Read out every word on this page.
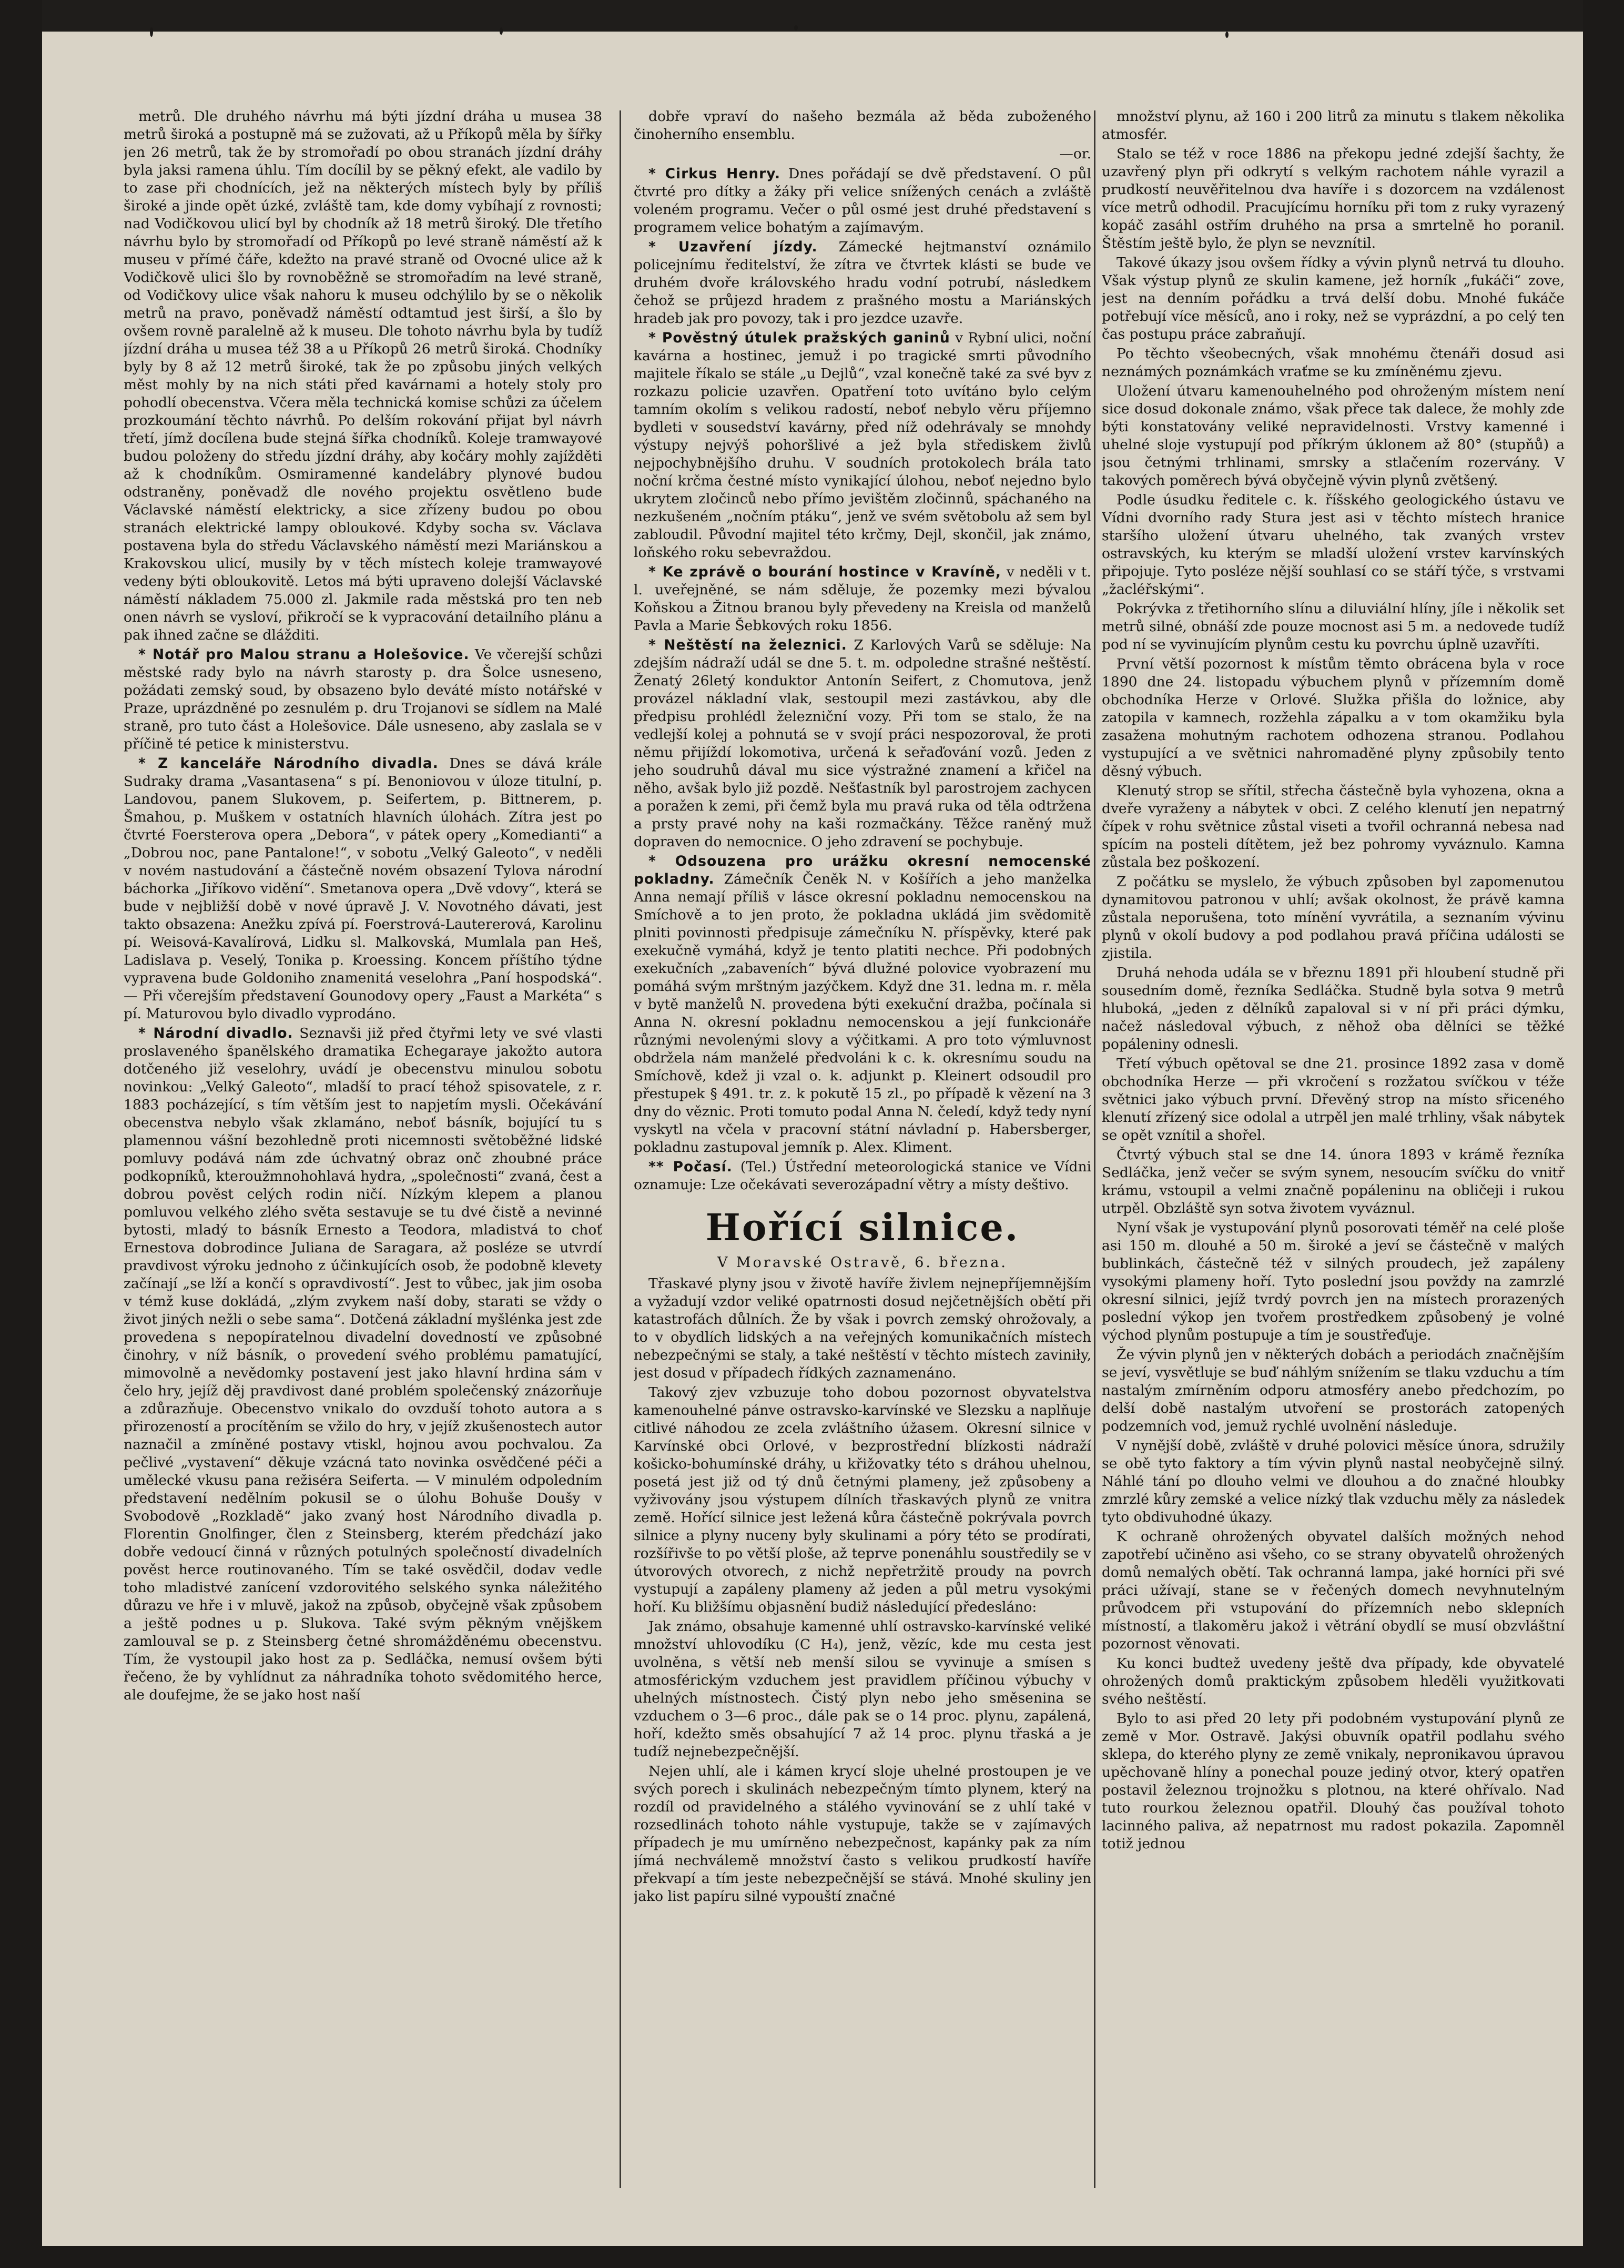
metrů. Dle druhého návrhu má býti jízdní dráha u musea 38 metrů široká a postupně má se zužovati, až u Příkopů měla by šířky jen 26 metrů, tak že by stromořadí po obou stranách jízdní dráhy byla jaksi ramena úhlu. Tím docílil by se pěkný efekt, ale vadilo by to zase při chodnících, jež na některých místech byly by příliš široké a jinde opět úzké, zvláště tam, kde domy vybíhají z rovnosti; nad Vodičkovou ulicí byl by chodník až 18 metrů široký. Dle třetího návrhu bylo by stromořadí od Příkopů po levé straně náměstí až k museu v přímé čáře, kdežto na pravé straně od Ovocné ulice až k Vodičkově ulici šlo by rovnoběžně se stromořadím na levé straně, od Vodičkovy ulice však nahoru k museu odchýlilo by se o několik metrů na pravo, poněvadž náměstí odtamtud jest širší, a šlo by ovšem rovně paralelně až k museu. Dle tohoto návrhu byla by tudíž jízdní dráha u musea též 38 a u Příkopů 26 metrů široká. Chodníky byly by 8 až 12 metrů široké, tak že po způsobu jiných velkých měst mohly by na nich státi před kavárnami a hotely stoly pro pohodlí obecenstva. Včera měla technická komise schůzi za účelem prozkoumání těchto návrhů. Po delším rokování přijat byl návrh třetí, jímž docílena bude stejná šířka chodníků. Koleje tramwayové budou položeny do středu jízdní dráhy, aby kočáry mohly zajížděti až k chodníkům. Osmiramenné kandelábry plynové budou odstraněny, poněvadž dle nového projektu osvětleno bude Václavské náměstí elektricky, a sice zřízeny budou po obou stranách elektrické lampy obloukové. Kdyby socha sv. Václava postavena byla do středu Václavského náměstí mezi Mariánskou a Krakovskou ulicí, musily by v těch místech koleje tramwayové vedeny býti obloukovitě. Letos má býti upraveno dolejší Václavské náměstí nákladem 75.000 zl. Jakmile rada městská pro ten neb onen návrh se vysloví, přikročí se k vypracování detailního plánu a pak ihned začne se dlážditi.

* Notář pro Malou stranu a Holešovice. Ve včerejší schůzi městské rady bylo na návrh starosty p. dra Šolce usneseno, požádati zemský soud, by obsazeno bylo deváté místo notářské v Praze, uprázdněné po zesnulém p. dru Trojanovi se sídlem na Malé straně, pro tuto část a Holešovice. Dále usneseno, aby zaslala se v příčině té petice k ministerstvu.

* Z kanceláře Národního divadla. Dnes se dává krále Sudraky drama „Vasantasena“ s pí. Benoniovou v úloze titulní, p. Landovou, panem Slukovem, p. Seifertem, p. Bittnerem, p. Šmahou, p. Muškem v ostatních hlavních úlohách. Zítra jest po čtvrté Foersterova opera „Debora“, v pátek opery „Komedianti“ a „Dobrou noc, pane Pantalone!“, v sobotu „Velký Galeoto“, v neděli v novém nastudování a částečně novém obsazení Tylova národní báchorka „Jiříkovo vidění“. Smetanova opera „Dvě vdovy“, která se bude v nejbližší době v nové úpravě J. V. Novotného dávati, jest takto obsazena: Anežku zpívá pí. Foerstrová-Lautererová, Karolinu pí. Weisová-Kavalírová, Lidku sl. Malkovská, Mumlala pan Heš, Ladislava p. Veselý, Tonika p. Kroessing. Koncem příštího týdne vypravena bude Goldoniho znamenitá veselohra „Paní hospodská“. — Při včerejším představení Gounodovy opery „Faust a Markéta“ s pí. Maturovou bylo divadlo vyprodáno.

* Národní divadlo. Seznavši již před čtyřmi lety ve své vlasti proslaveného španělského dramatika Echegaraye jakožto autora dotčeného již veselohry, uvádí je obecenstvu minulou sobotu novinkou: „Velký Galeoto“, mladší to prací téhož spisovatele, z r. 1883 pocházející, s tím větším jest to napjetím mysli. Očekávání obecenstva nebylo však zklamáno, neboť básník, bojující tu s plamennou vášní bezohledně proti nicemnosti světoběžné lidské pomluvy podává nám zde úchvatný obraz onč zhoubné práce podkopníků, kteroužmnohohlavá hydra, „společnosti“ zvaná, čest a dobrou pověst celých rodin ničí. Nízkým klepem a planou pomluvou velkého zlého světa sestavuje se tu dvé čistě a nevinné bytosti, mladý to básník Ernesto a Teodora, mladistvá to choť Ernestova dobrodince Juliana de Saragara, až posléze se utvrdí pravdivost výroku jednoho z účinkujících osob, že podobně klevety začínají „se lží a končí s opravdivostí“. Jest to vůbec, jak jim osoba v témž kuse dokládá, „zlým zvykem naší doby, starati se vždy o život jiných nežli o sebe sama“. Dotčená základní myšlénka jest zde provedena s nepopíratelnou divadelní dovedností ve způsobné činohry, v níž básník, o provedení svého problému pamatující, mimovolně a nevědomky postavení jest jako hlavní hrdina sám v čelo hry, jejíž děj pravdivost dané problém společenský znázorňuje a zdůrazňuje. Obecenstvo vnikalo do ovzduší tohoto autora a s přirozeností a procítěním se vžilo do hry, v jejíž zkušenostech autor naznačil a zmíněné postavy vtiskl, hojnou avou pochvalou. Za pečlivé „vystavení“ děkuje vzácná tato novinka osvědčené péči a umělecké vkusu pana režiséra Seiferta. — V minulém odpoledním představení nedělním pokusil se o úlohu Bohuše Doušy v Svobodově „Rozkladě“ jako zvaný host Národního divadla p. Florentin Gnolfinger, člen z Steinsberg, kterém předchází jako dobře vedoucí činná v různých potulných společností divadelních pověst herce routinovaného. Tím se také osvědčil, dodav vedle toho mladistvé zanícení vzdorovitého selského synka náležitého důrazu ve hře i v mluvě, jakož na způsob, obyčejně však způsobem a ještě podnes u p. Slukova. Také svým pěkným vnějškem zamlouval se p. z Steinsberg četné shromážděnému obecenstvu. Tím, že vystoupil jako host za p. Sedláčka, nemusí ovšem býti řečeno, že by vyhlídnut za náhradníka tohoto svědomitého herce, ale doufejme, že se jako host naší

dobře vpraví do našeho bezmála až běda zuboženého činoherního ensemblu.

—or.

* Cirkus Henry. Dnes pořádají se dvě představení. O půl čtvrté pro dítky a žáky při velice snížených cenách a zvláště voleném programu. Večer o půl osmé jest druhé představení s programem velice bohatým a zajímavým.

* Uzavření jízdy. Zámecké hejtmanství oznámilo policejnímu ředitelství, že zítra ve čtvrtek klásti se bude ve druhém dvoře královského hradu vodní potrubí, následkem čehož se průjezd hradem z prašného mostu a Mariánských hradeb jak pro povozy, tak i pro jezdce uzavře.

* Pověstný útulek pražských ganinů v Rybní ulici, noční kavárna a hostinec, jemuž i po tragické smrti původního majitele říkalo se stále „u Dejlů“, vzal konečně také za své byv z rozkazu policie uzavřen. Opatření toto uvítáno bylo celým tamním okolím s velikou radostí, neboť nebylo věru příjemno bydleti v sousedství kavárny, před níž odehrávaly se mnohdy výstupy nejvýš pohoršlivé a jež byla střediskem živlů nejpochybnějšího druhu. V soudních protokolech brála tato noční krčma čestné místo vynikající úlohou, neboť nejedno bylo ukrytem zločinců nebo přímo jevištěm zločinnů, spáchaného na nezkušeném „nočním ptáku“, jenž ve svém světobolu až sem byl zabloudil. Původní majitel této krčmy, Dejl, skončil, jak známo, loňského roku sebevraždou.

* Ke zprávě o bourání hostince v Kravíně, v neděli v t. l. uveřejněné, se nám sděluje, že pozemky mezi bývalou Koňskou a Žitnou branou byly převedeny na Kreisla od manželů Pavla a Marie Šebkových roku 1856.

* Neštěstí na železnici. Z Karlových Varů se sděluje: Na zdejším nádraží udál se dne 5. t. m. odpoledne strašné neštěstí. Ženatý 26letý konduktor Antonín Seifert, z Chomutova, jenž provázel nákladní vlak, sestoupil mezi zastávkou, aby dle předpisu prohlédl železniční vozy. Při tom se stalo, že na vedlejší kolej a pohnutá se v svojí práci nespozoroval, že proti němu přijíždí lokomotiva, určená k seřaďování vozů. Jeden z jeho soudruhů dával mu sice výstražné znamení a křičel na něho, avšak bylo již pozdě. Nešťastník byl parostrojem zachycen a poražen k zemi, při čemž byla mu pravá ruka od těla odtržena a prsty pravé nohy na kaši rozmačkány. Těžce raněný muž dopraven do nemocnice. O jeho zdravení se pochybuje.

* Odsouzena pro urážku okresní nemocenské pokladny. Zámečník Čeněk N. v Košířích a jeho manželka Anna nemají příliš v lásce okresní pokladnu nemocenskou na Smíchově a to jen proto, že pokladna ukládá jim svědomitě plniti povinnosti předpisuje zámečníku N. příspěvky, které pak exekučně vymáhá, když je tento platiti nechce. Při podobných exekučních „zabaveních“ bývá dlužné polovice vyobrazení mu pomáhá svým mrštným jazýčkem. Když dne 31. ledna m. r. měla v bytě manželů N. provedena býti exekuční dražba, počínala si Anna N. okresní pokladnu nemocenskou a její funkcionáře různými nevolenými slovy a výčitkami. A pro toto výmluvnost obdržela nám manželé předvoláni k c. k. okresnímu soudu na Smíchově, kdež ji vzal o. k. adjunkt p. Kleinert odsoudil pro přestupek § 491. tr. z. k pokutě 15 zl., po případě k vězení na 3 dny do věznic. Proti tomuto podal Anna N. čeledí, když tedy nyní vyskytl na včela v pracovní státní návladní p. Habersberger, pokladnu zastupoval jemník p. Alex. Kliment.

** Počasí. (Tel.) Ústřední meteorologická stanice ve Vídni oznamuje: Lze očekávati severozápadní větry a místy deštivo.

Hořící silnice.
V Moravské Ostravě, 6. března.

Třaskavé plyny jsou v životě havíře živlem nejnepříjemnějším a vyžadují vzdor veliké opatrnosti dosud nejčetnějších obětí při katastrofách důlních. Že by však i povrch zemský ohrožovaly, a to v obydlích lidských a na veřejných komunikačních místech nebezpečnými se staly, a také neštěstí v těchto místech zaviniły, jest dosud v případech řídkých zaznamenáno.

Takový zjev vzbuzuje toho dobou pozornost obyvatelstva kamenouhelné pánve ostravsko-karvínské ve Slezsku a naplňuje citlivé náhodou ze zcela zvláštního úžasem. Okresní silnice v Karvínské obci Orlové, v bezprostřední blízkosti nádraží košicko-bohumínské dráhy, u křižovatky této s dráhou uhelnou, posetá jest již od tý dnů četnými plameny, jež způsobeny a vyživovány jsou výstupem dílních třaskavých plynů ze vnitra země. Hořící silnice jest ležená kůra částečně pokrývala povrch silnice a plyny nuceny byly skulinami a póry této se prodírati, rozšířivše to po větší ploše, až teprve ponenáhlu soustředily se v útvorových otvorech, z nichž nepřetržitě proudy na povrch vystupují a zapáleny plameny až jeden a půl metru vysokými hoří. Ku bližšímu objasnění budiž následující předesláno:

Jak známo, obsahuje kamenné uhlí ostravsko-karvínské veliké množství uhlovodíku (C H₄), jenž, vězíc, kde mu cesta jest uvolněna, s větší neb menší silou se vyvinuje a smísen s atmosférickým vzduchem jest pravidlem příčinou výbuchy v uhelných místnostech. Čistý plyn nebo jeho směsenina se vzduchem o 3—6 proc., dále pak se o 14 proc. plynu, zapálená, hoří, kdežto směs obsahující 7 až 14 proc. plynu třaská a je tudíž nejnebezpečnější.

Nejen uhlí, ale i kámen krycí sloje uhelné prostoupen je ve svých porech i skulinách nebezpečným tímto plynem, který na rozdíl od pravidelného a stálého vyvinování se z uhlí také v rozsedlinách tohoto náhle vystupuje, takže se v zajímavých případech je mu umírněno nebezpečnost, kapánky pak za ním jímá nechválemě množství často s velikou prudkostí havíře překvapí a tím jeste nebezpečnější se stává. Mnohé skuliny jen jako list papíru silné vypouští značné

množství plynu, až 160 i 200 litrů za minutu s tlakem několika atmosfér.

Stalo se též v roce 1886 na překopu jedné zdejší šachty, že uzavřený plyn při odkrytí s velkým rachotem náhle vyrazil a prudkostí neuvěřitelnou dva havíře i s dozorcem na vzdálenost více metrů odhodil. Pracujícímu horníku při tom z ruky vyrazený kopáč zasáhl ostřím druhého na prsa a smrtelně ho poranil. Štěstím ještě bylo, že plyn se nevznítil.

Takové úkazy jsou ovšem řídky a vývin plynů netrvá tu dlouho. Však výstup plynů ze skulin kamene, jež horník „fukáči“ zove, jest na denním pořádku a trvá delší dobu. Mnohé fukáče potřebují více měsíců, ano i roky, než se vyprázdní, a po celý ten čas postupu práce zabraňují.

Po těchto všeobecných, však mnohému čtenáři dosud asi neznámých poznámkách vraťme se ku zmíněnému zjevu.

Uložení útvaru kamenouhelného pod ohroženým místem není sice dosud dokonale známo, však přece tak dalece, že mohly zde býti konstatovány veliké nepravidelnosti. Vrstvy kamenné i uhelné sloje vystupují pod příkrým úklonem až 80° (stupňů) a jsou četnými trhlinami, smrsky a stlačením rozervány. V takových poměrech bývá obyčejně vývin plynů zvětšený.

Podle úsudku ředitele c. k. říšského geologického ústavu ve Vídni dvorního rady Stura jest asi v těchto místech hranice staršího uložení útvaru uhelného, tak zvaných vrstev ostravských, ku kterým se mladší uložení vrstev karvínských připojuje. Tyto posléze nější souhlasí co se stáří týče, s vrstvami „žacléřskými“.

Pokrývka z třetihorního slínu a diluviální hlíny, jíle i několik set metrů silné, obnáší zde pouze mocnost asi 5 m. a nedovede tudíž pod ní se vyvinujícím plynům cestu ku povrchu úplně uzavříti.

První větší pozornost k místům těmto obrácena byla v roce 1890 dne 24. listopadu výbuchem plynů v přízemním domě obchodníka Herze v Orlové. Služka přišla do ložnice, aby zatopila v kamnech, rozžehla zápalku a v tom okamžiku byla zasažena mohutným rachotem odhozena stranou. Podlahou vystupující a ve světnici nahromaděné plyny způsobily tento děsný výbuch.

Klenutý strop se sřítil, střecha částečně byla vyhozena, okna a dveře vyraženy a nábytek v obci. Z celého klenutí jen nepatrný čípek v rohu světnice zůstal viseti a tvořil ochranná nebesa nad spícím na posteli dítětem, jež bez pohromy vyváznulo. Kamna zůstala bez poškození.

Z počátku se myslelo, že výbuch způsoben byl zapomenutou dynamitovou patronou v uhlí; avšak okolnost, že právě kamna zůstala neporušena, toto mínění vyvrátila, a seznaním vývinu plynů v okolí budovy a pod podlahou pravá příčina události se zjistila.

Druhá nehoda udála se v březnu 1891 při hloubení studně při sousedním domě, řezníka Sedláčka. Studně byla sotva 9 metrů hluboká, „jeden z dělníků zapaloval si v ní při práci dýmku, načež následoval výbuch, z něhož oba dělníci se těžké popáleniny odnesli.

Třetí výbuch opětoval se dne 21. prosince 1892 zasa v domě obchodníka Herze — při vkročení s rozžatou svíčkou v téže světnici jako výbuch první. Dřevěný strop na místo sřiceného klenutí zřízený sice odolal a utrpěl jen malé trhliny, však nábytek se opět vznítil a shořel.

Čtvrtý výbuch stal se dne 14. února 1893 v krámě řezníka Sedláčka, jenž večer se svým synem, nesoucím svíčku do vnitř krámu, vstoupil a velmi značně popáleninu na obličeji i rukou utrpěl. Obzláště syn sotva životem vyváznul.

Nyní však je vystupování plynů posorovati téměř na celé ploše asi 150 m. dlouhé a 50 m. široké a jeví se částečně v malých bublinkách, částečně též v silných proudech, jež zapáleny vysokými plameny hoří. Tyto poslední jsou povždy na zamrzlé okresní silnici, jejíž tvrdý povrch jen na místech prorazených poslední výkop jen tvořem prostředkem způsobený je volné východ plynům postupuje a tím je soustřeďuje.

Že vývin plynů jen v některých dobách a periodách značnějším se jeví, vysvětluje se buď náhlým snížením se tlaku vzduchu a tím nastalým zmírněním odporu atmosféry anebo předchozím, po delší době nastalým utvoření se prostorách zatopených podzemních vod, jemuž rychlé uvolnění následuje.

V nynější době, zvláště v druhé polovici měsíce února, sdružily se obě tyto faktory a tím vývin plynů nastal neobyčejně silný. Náhlé tání po dlouho velmi ve dlouhou a do značné hloubky zmrzlé kůry zemské a velice nízký tlak vzduchu měly za následek tyto obdivuhodné úkazy.

K ochraně ohrožených obyvatel dalších možných nehod zapotřebí učiněno asi všeho, co se strany obyvatelů ohrožených domů nemalých obětí. Tak ochranná lampa, jaké horníci při své práci užívají, stane se v řečených domech nevyhnutelným průvodcem při vstupování do přízemních nebo sklepních místností, a tlakoměru jakož i větrání obydlí se musí obzvláštní pozornost věnovati.

Ku konci budtež uvedeny ještě dva případy, kde obyvatelé ohrožených domů praktickým způsobem hleděli využitkovati svého neštěstí.

Bylo to asi před 20 lety při podobném vystupování plynů ze země v Mor. Ostravě. Jakýsi obuvník opatřil podlahu svého sklepa, do kterého plyny ze země vnikaly, nepronikavou úpravou upěchovaně hlíny a ponechal pouze jediný otvor, který opatřen postavil železnou trojnožku s plotnou, na které ohřívalo. Nad tuto rourkou železnou opatřil. Dlouhý čas používal tohoto lacinného paliva, až nepatrnost mu radost pokazila. Zapomněl totiž jednou
